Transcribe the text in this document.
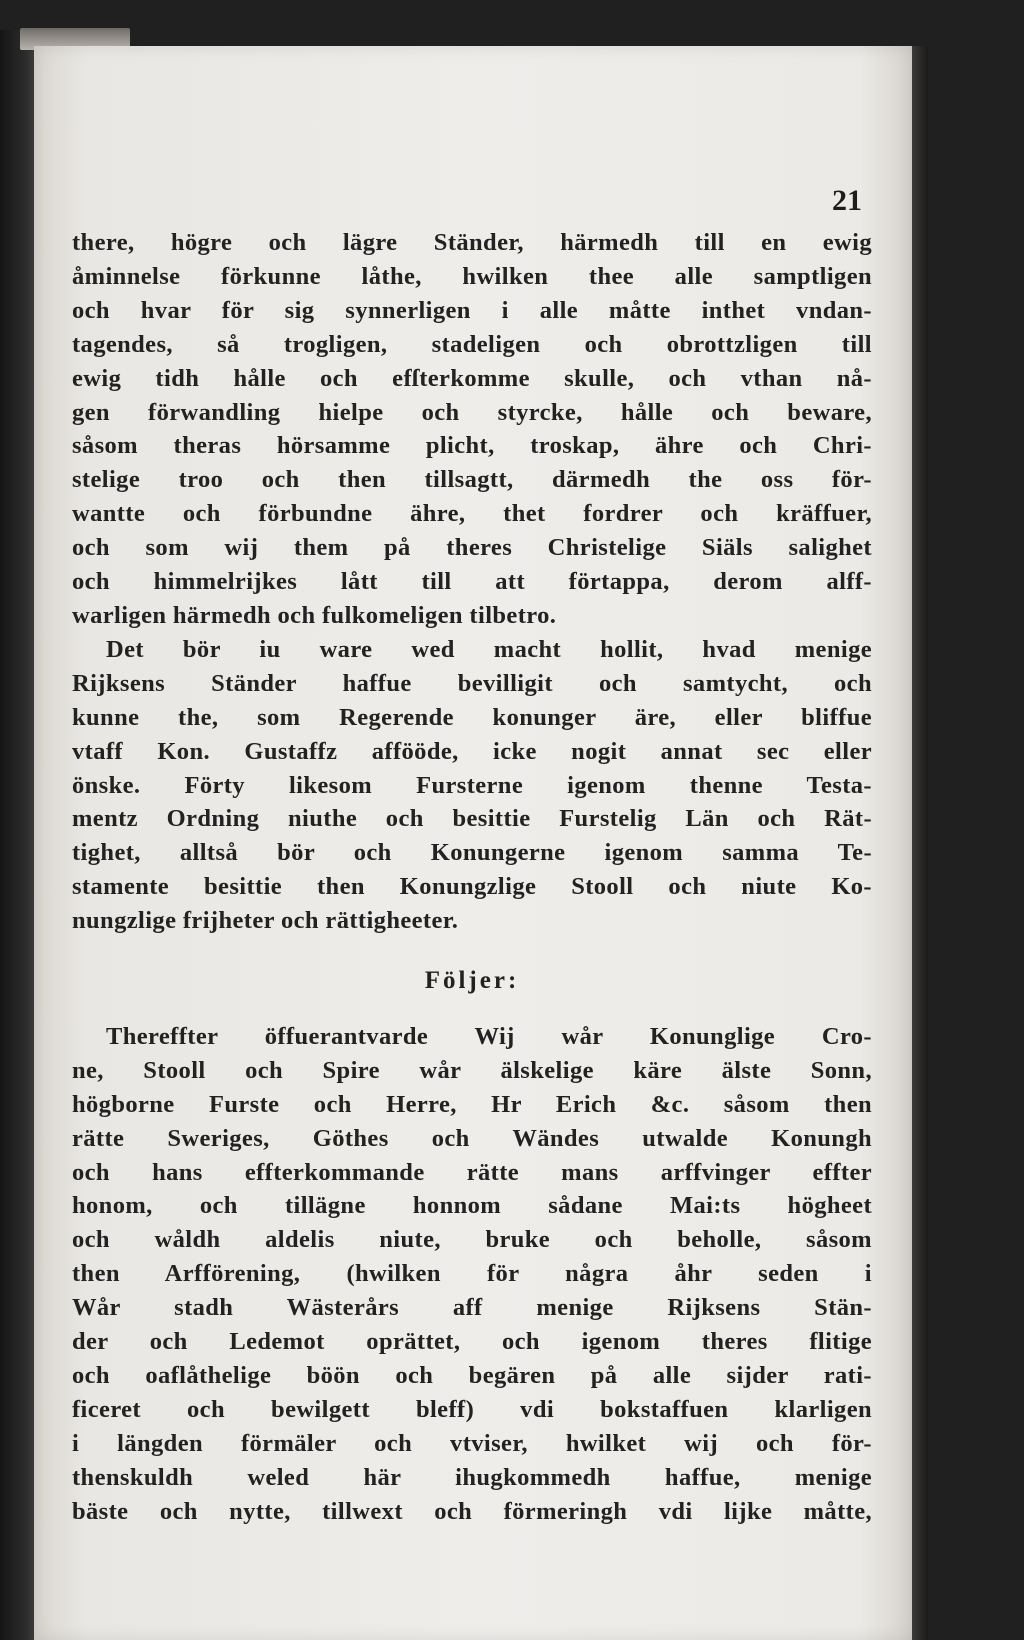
21

there, högre och lägre Ständer, härmedh till en ewig
åminnelse förkunne låthe, hwilken thee alle samptligen
och hvar för sig synnerligen i alle måtte inthet vndan-
tagendes, så trogligen, stadeligen och obrottzligen till
ewig tidh hålle och efſterkomme skulle, och vthan nå-
gen förwandling hielpe och styrcke, hålle och beware,
såsom theras hörsamme plicht, troskap, ähre och Chri-
stelige troo och then tillsagtt, därmedh the oss för-
wantte och förbundne ähre, thet fordrer och kräffuer,
och som wij them på theres Christelige Siäls salighet
och himmelrijkes lått till att förtappa, derom alff-
warligen härmedh och fulkomeligen tilbetro.

Det bör iu ware wed macht hollit, hvad menige
Rijksens Ständer haffue bevilligit och samtycht, och
kunne the, som Regerende konunger äre, eller bliffue
vtaff Kon. Gustaffz affööde, icke nogit annat sec eller
önske. Förty likesom Fursterne igenom thenne Testa-
mentz Ordning niuthe och besittie Furstelig Län och Rät-
tighet, alltså bör och Konungerne igenom samma Te-
stamente besittie then Konungzlige Stooll och niute Ko-
nungzlige frijheter och rättigheeter.

Följer:

Thereffter öffuerantvarde Wij wår Konunglige Cro-
ne, Stooll och Spire wår älskelige käre älste Sonn,
högborne Furste och Herre, Hr Erich &c. såsom then
rätte Sweriges, Göthes och Wändes utwalde Konungh
och hans effterkommande rätte mans arffvinger effter
honom, och tillägne honnom sådane Mai:ts högheet
och wåldh aldelis niute, bruke och beholle, såsom
then Arfförening, (hwilken för några åhr seden i
Wår stadh Wästerårs aff menige Rijksens Stän-
der och Ledemot oprättet, och igenom theres flitige
och oaflåthelige böön och begären på alle sijder rati-
ficeret och bewilgett bleff) vdi bokstaffuen klarligen
i längden förmäler och vtviser, hwilket wij och för-
thenskuldh weled här ihugkommedh haffue, menige
bäste och nytte, tillwext och förmeringh vdi lijke måtte,
